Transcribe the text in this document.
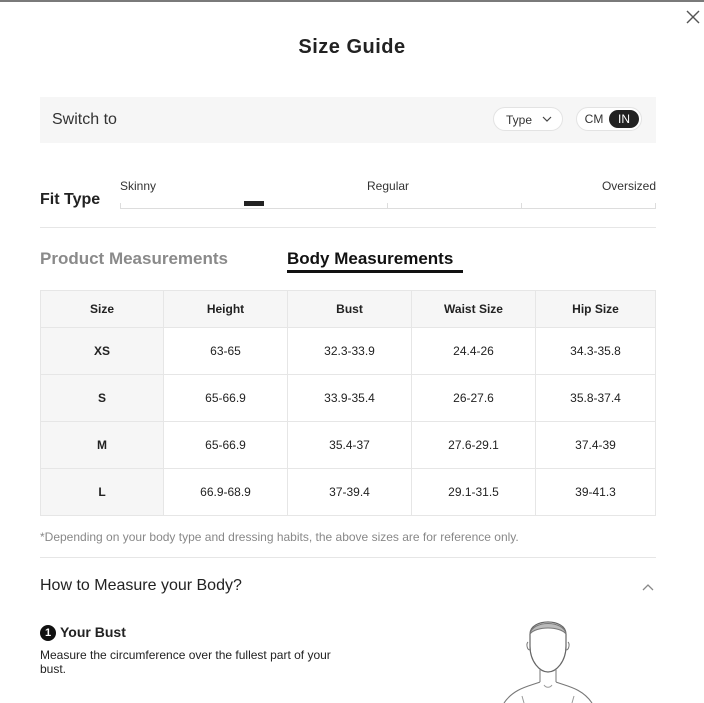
Size Guide
Switch to	Type	CM	IN
Fit Type
Skinny	Regular	Oversized
Product Measurements	Body Measurements
Size	Height	Bust	Waist Size	Hip Size
XS	63-65	32.3-33.9	24.4-26	34.3-35.8
S	65-66.9	33.9-35.4	26-27.6	35.8-37.4
M	65-66.9	35.4-37	27.6-29.1	37.4-39
L	66.9-68.9	37-39.4	29.1-31.5	39-41.3
*Depending on your body type and dressing habits, the above sizes are for reference only.
How to Measure your Body?
1 Your Bust
Measure the circumference over the fullest part of your bust.
